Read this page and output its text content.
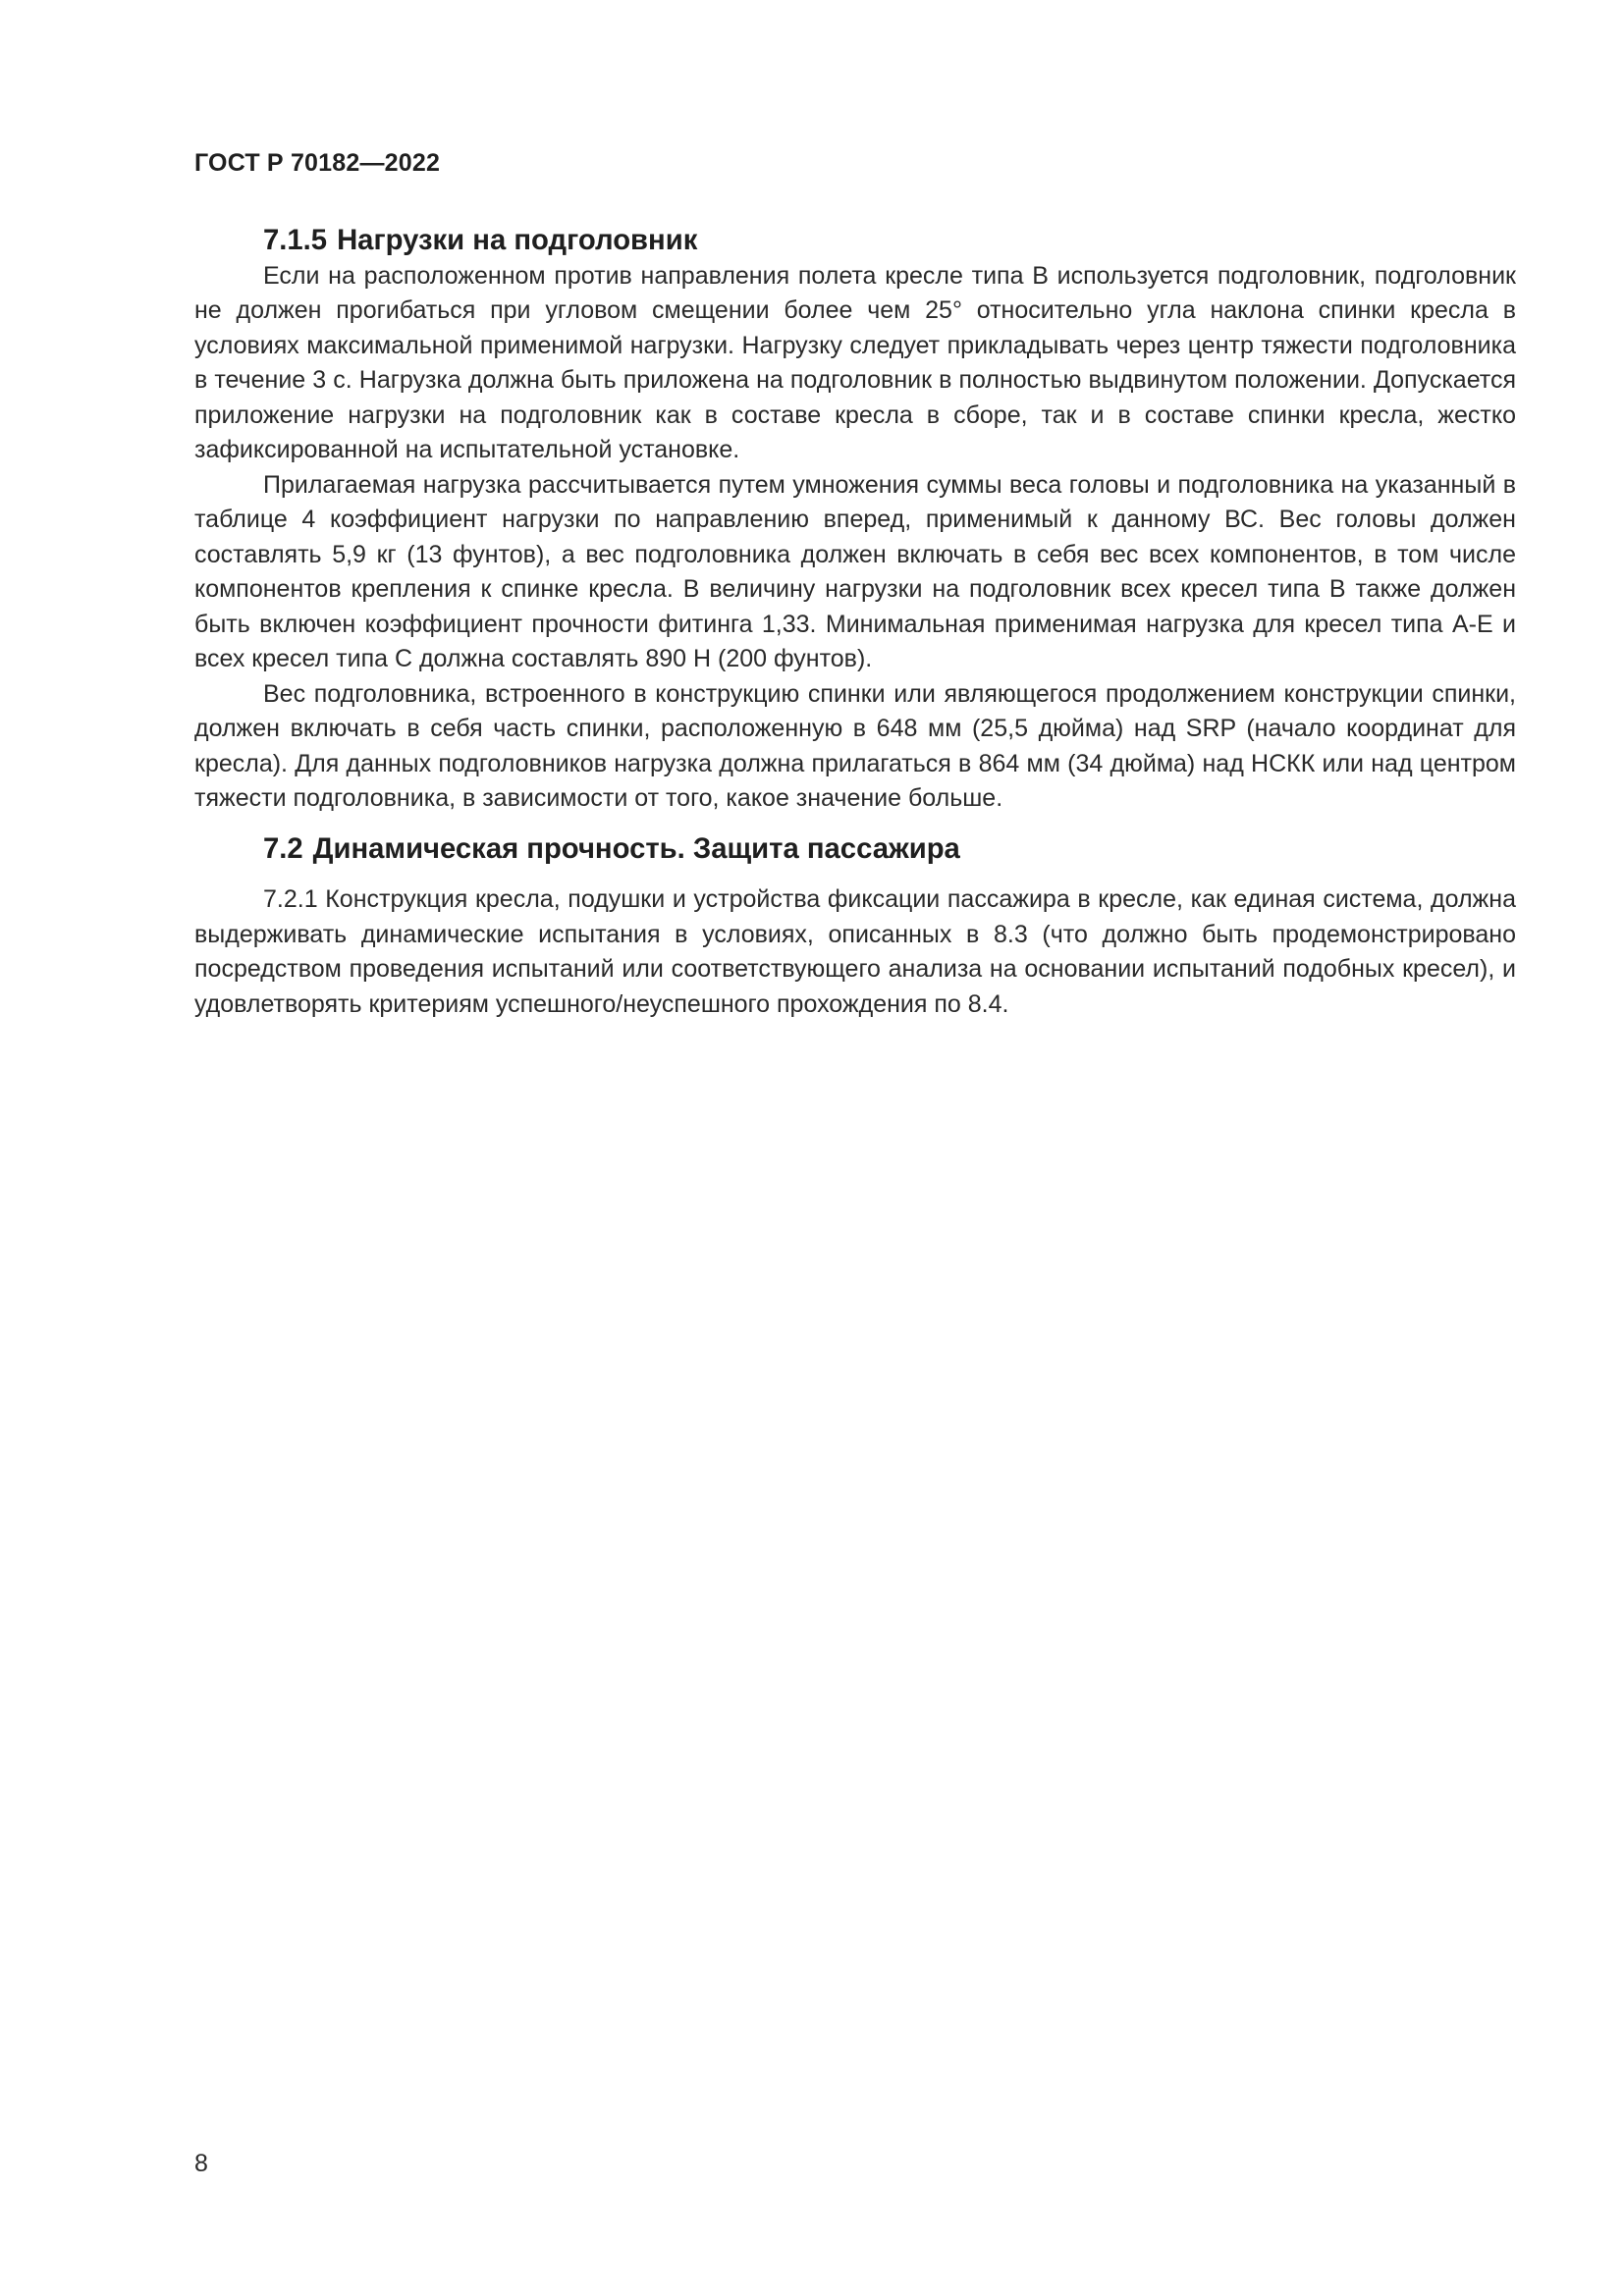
ГОСТ Р 70182—2022
7.1.5 Нагрузки на подголовник

Если на расположенном против направления полета кресле типа В используется подголовник, подголовник не должен прогибаться при угловом смещении более чем 25° относительно угла наклона спинки кресла в условиях максимальной применимой нагрузки. Нагрузку следует прикладывать через центр тяжести подголовника в течение 3 с. Нагрузка должна быть приложена на подголовник в полностью выдвинутом положении. Допускается приложение нагрузки на подголовник как в составе кресла в сборе, так и в составе спинки кресла, жестко зафиксированной на испытательной установке.

Прилагаемая нагрузка рассчитывается путем умножения суммы веса головы и подголовника на указанный в таблице 4 коэффициент нагрузки по направлению вперед, применимый к данному ВС. Вес головы должен составлять 5,9 кг (13 фунтов), а вес подголовника должен включать в себя вес всех компонентов, в том числе компонентов крепления к спинке кресла. В величину нагрузки на подголовник всех кресел типа В также должен быть включен коэффициент прочности фитинга 1,33. Минимальная применимая нагрузка для кресел типа А-Е и всех кресел типа С должна составлять 890 Н (200 фунтов).

Вес подголовника, встроенного в конструкцию спинки или являющегося продолжением конструкции спинки, должен включать в себя часть спинки, расположенную в 648 мм (25,5 дюйма) над SRP (начало координат для кресла). Для данных подголовников нагрузка должна прилагаться в 864 мм (34 дюйма) над НСКК или над центром тяжести подголовника, в зависимости от того, какое значение больше.

7.2 Динамическая прочность. Защита пассажира

7.2.1 Конструкция кресла, подушки и устройства фиксации пассажира в кресле, как единая система, должна выдерживать динамические испытания в условиях, описанных в 8.3 (что должно быть продемонстрировано посредством проведения испытаний или соответствующего анализа на основании испытаний подобных кресел), и удовлетворять критериям успешного/неуспешного прохождения по 8.4.

8
